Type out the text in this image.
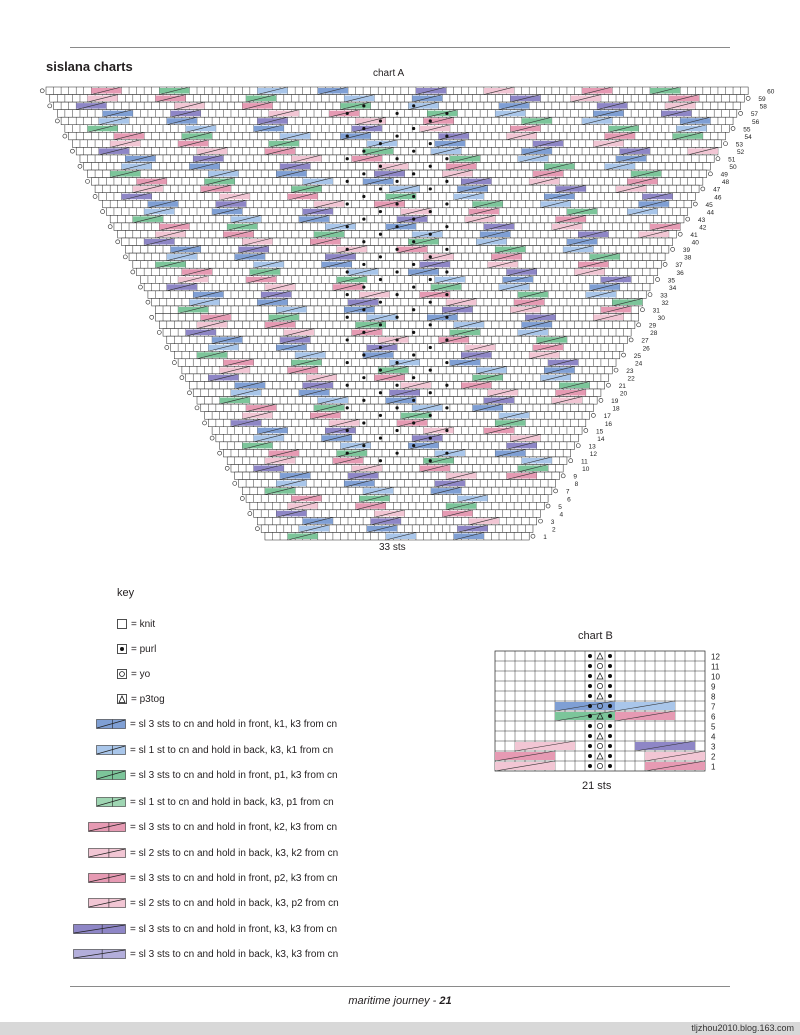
sislana charts	chart A
60
59
58
57
56
55
54
53
52
51
50
49
48
47
46
45
44
43
42
41
40
39
38
37
36
35
34
33
32
31
30
29
28
27
26
25
24
23
22
21
20
19
18
17
16
15
14
13
12
11
10
9
8
7
6
5
4
3
2
1
33 sts
key
= knit
= purl
= yo
= p3tog
= sl 3 sts to cn and hold in front, k1, k3 from cn
= sl 1 st to cn and hold in back, k3, k1 from cn
= sl 3 sts to cn and hold in front, p1, k3 from cn
= sl 1 st to cn and hold in back, k3, p1 from cn
= sl 3 sts to cn and hold in front, k2, k3 from cn
= sl 2 sts to cn and hold in back, k3, k2 from cn
= sl 3 sts to cn and hold in front, p2, k3 from cn
= sl 2 sts to cn and hold in back, k3, p2 from cn
= sl 3 sts to cn and hold in front, k3, k3 from cn
= sl 3 sts to cn and hold in back, k3, k3 from cn
chart B
12
11
10
9
8
7
6
5
4
3
2
1
21 sts
maritime journey - 21
tljzhou2010.blog.163.com
